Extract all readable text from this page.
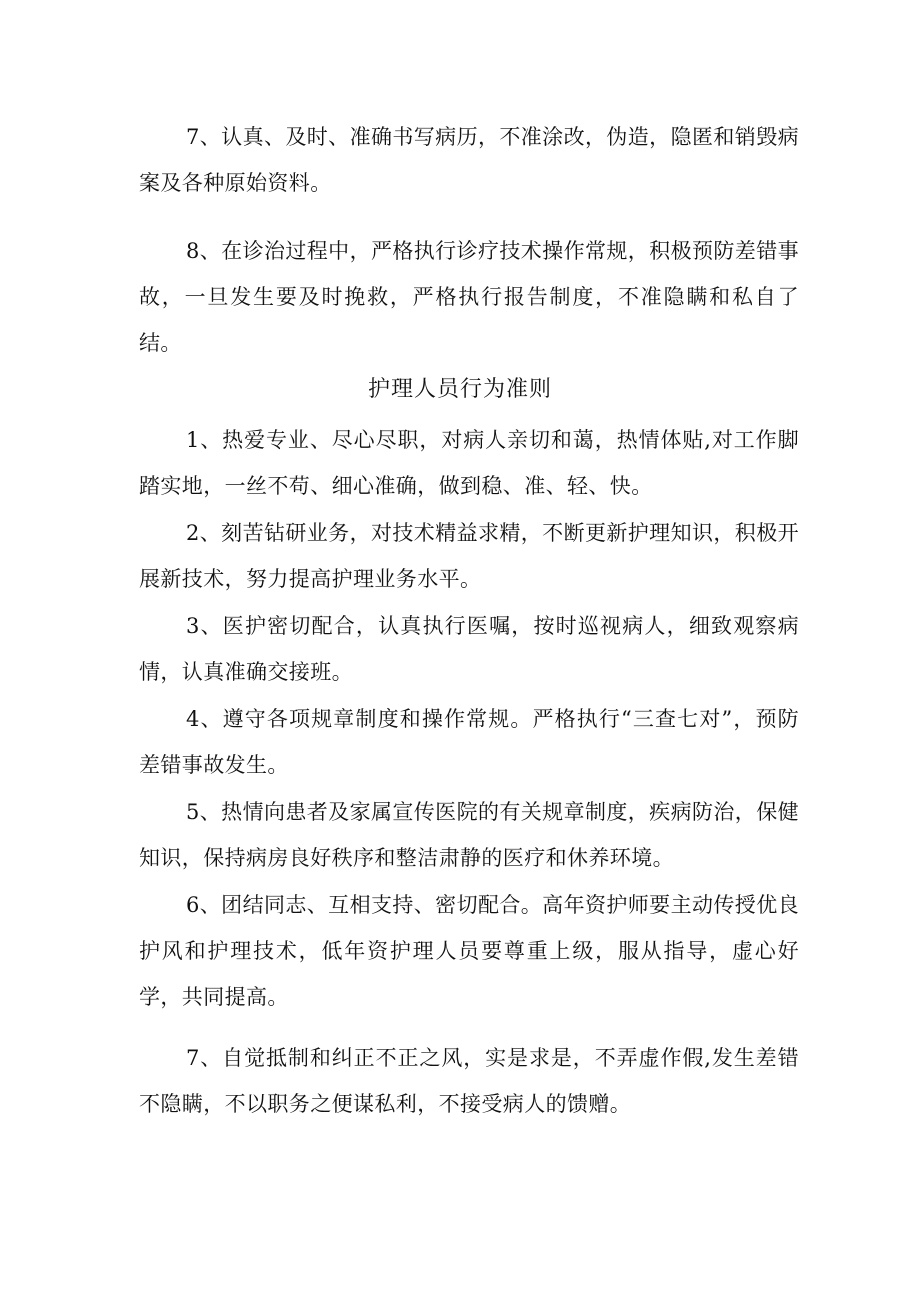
7、认真、及时、准确书写病历，不准涂改，伪造，隐匿和销毁病案及各种原始资料。

8、在诊治过程中，严格执行诊疗技术操作常规，积极预防差错事故，一旦发生要及时挽救，严格执行报告制度，不准隐瞒和私自了结。

护理人员行为准则

1、热爱专业、尽心尽职，对病人亲切和蔼，热情体贴,对工作脚踏实地，一丝不苟、细心准确，做到稳、准、轻、快。

2、刻苦钻研业务，对技术精益求精，不断更新护理知识，积极开展新技术，努力提高护理业务水平。

3、医护密切配合，认真执行医嘱，按时巡视病人，细致观察病情，认真准确交接班。

4、遵守各项规章制度和操作常规。严格执行“三查七对”，预防差错事故发生。

5、热情向患者及家属宣传医院的有关规章制度，疾病防治，保健知识，保持病房良好秩序和整洁肃静的医疗和休养环境。

6、团结同志、互相支持、密切配合。高年资护师要主动传授优良护风和护理技术，低年资护理人员要尊重上级，服从指导，虚心好学，共同提高。

7、自觉抵制和纠正不正之风，实是求是，不弄虚作假,发生差错不隐瞒，不以职务之便谋私利，不接受病人的馈赠。
